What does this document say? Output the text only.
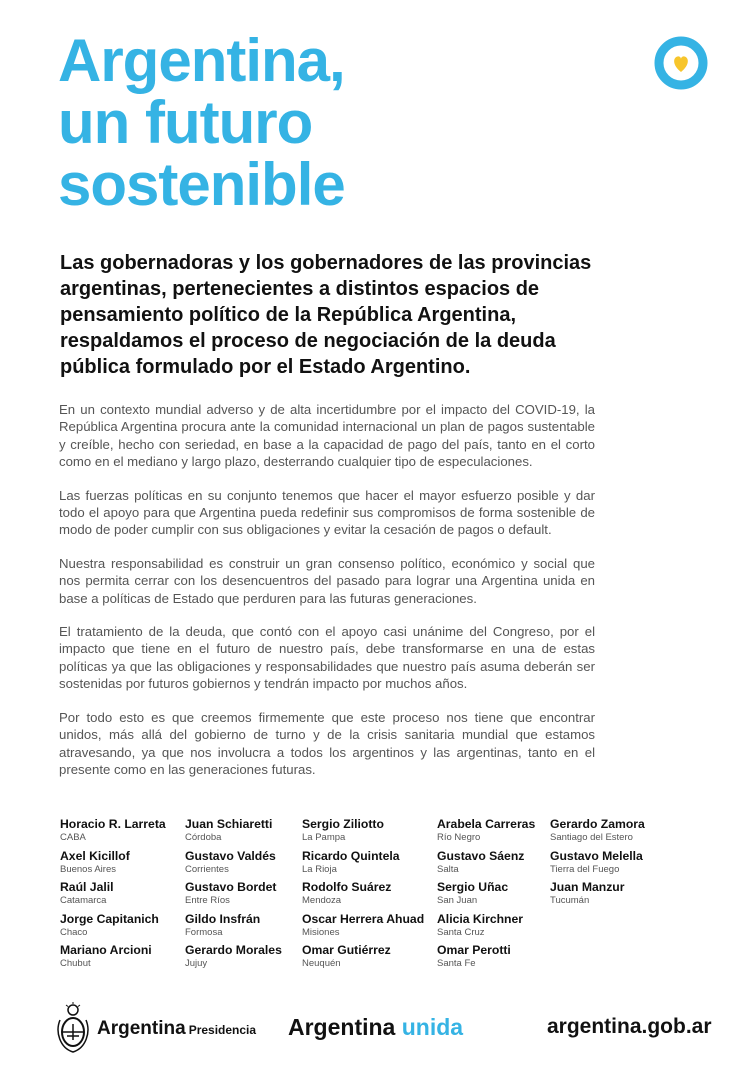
Argentina,
un futuro
sostenible

Las gobernadoras y los gobernadores de las provincias argentinas, pertenecientes a distintos espacios de pensamiento político de la República Argentina, respaldamos el proceso de negociación de la deuda pública formulado por el Estado Argentino.

En un contexto mundial adverso y de alta incertidumbre por el impacto del COVID-19, la República Argentina procura ante la comunidad internacional un plan de pagos sustentable y creíble, hecho con seriedad, en base a la capacidad de pago del país, tanto en el corto como en el mediano y largo plazo, desterrando cualquier tipo de especulaciones.

Las fuerzas políticas en su conjunto tenemos que hacer el mayor esfuerzo posible y dar todo el apoyo para que Argentina pueda redefinir sus compromisos de forma sostenible de modo de poder cumplir con sus obligaciones y evitar la cesación de pagos o default.

Nuestra responsabilidad es construir un gran consenso político, económico y social que nos permita cerrar con los desencuentros del pasado para lograr una Argentina unida en base a políticas de Estado que perduren para las futuras generaciones.

El tratamiento de la deuda, que contó con el apoyo casi unánime del Congreso, por el impacto que tiene en el futuro de nuestro país, debe transformarse en una de estas políticas ya que las obligaciones y responsabilidades que nuestro país asuma deberán ser sostenidas por futuros gobiernos y tendrán impacto por muchos años.

Por todo esto es que creemos firmemente que este proceso nos tiene que encontrar unidos, más allá del gobierno de turno y de la crisis sanitaria mundial que estamos atravesando, ya que nos involucra a todos los argentinos y las argentinas, tanto en el presente como en las generaciones futuras.

Horacio R. Larreta
CABA
Axel Kicillof
Buenos Aires
Raúl Jalil
Catamarca
Jorge Capitanich
Chaco
Mariano Arcioni
Chubut
Juan Schiaretti
Córdoba
Gustavo Valdés
Corrientes
Gustavo Bordet
Entre Ríos
Gildo Insfrán
Formosa
Gerardo Morales
Jujuy
Sergio Ziliotto
La Pampa
Ricardo Quintela
La Rioja
Rodolfo Suárez
Mendoza
Oscar Herrera Ahuad
Misiones
Omar Gutiérrez
Neuquén
Arabela Carreras
Río Negro
Gustavo Sáenz
Salta
Sergio Uñac
San Juan
Alicia Kirchner
Santa Cruz
Omar Perotti
Santa Fe
Gerardo Zamora
Santiago del Estero
Gustavo Melella
Tierra del Fuego
Juan Manzur
Tucumán
Argentina Presidencia Argentina unida	argentina.gob.ar
